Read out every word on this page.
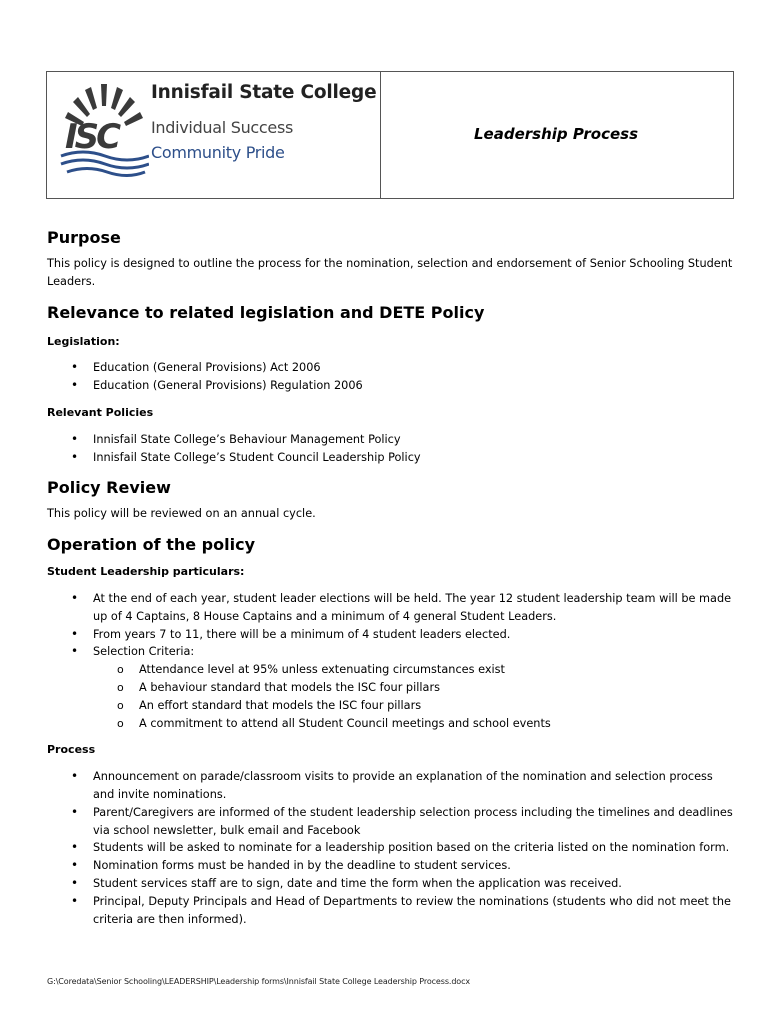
ISC
Innisfail State College
Individual Success
Community Pride
Leadership Process
Purpose

This policy is designed to outline the process for the nomination, selection and endorsement of Senior Schooling Student Leaders.

Relevance to related legislation and DETE Policy
Legislation:
• Education (General Provisions) Act 2006
• Education (General Provisions) Regulation 2006
Relevant Policies
• Innisfail State College’s Behaviour Management Policy
• Innisfail State College’s Student Council Leadership Policy
Policy Review

This policy will be reviewed on an annual cycle.

Operation of the policy
Student Leadership particulars:
• At the end of each year, student leader elections will be held. The year 12 student leadership team will be made up of 4 Captains, 8 House Captains and a minimum of 4 general Student Leaders.
• From years 7 to 11, there will be a minimum of 4 student leaders elected.
• Selection Criteria:
o Attendance level at 95% unless extenuating circumstances exist
o A behaviour standard that models the ISC four pillars
o An effort standard that models the ISC four pillars
o A commitment to attend all Student Council meetings and school events
Process
• Announcement on parade/classroom visits to provide an explanation of the nomination and selection process and invite nominations.
• Parent/Caregivers are informed of the student leadership selection process including the timelines and deadlines via school newsletter, bulk email and Facebook
• Students will be asked to nominate for a leadership position based on the criteria listed on the nomination form.
• Nomination forms must be handed in by the deadline to student services.
• Student services staff are to sign, date and time the form when the application was received.
• Principal, Deputy Principals and Head of Departments to review the nominations (students who did not meet the criteria are then informed).
G:\Coredata\Senior Schooling\LEADERSHIP\Leadership forms\Innisfail State College Leadership Process.docx
